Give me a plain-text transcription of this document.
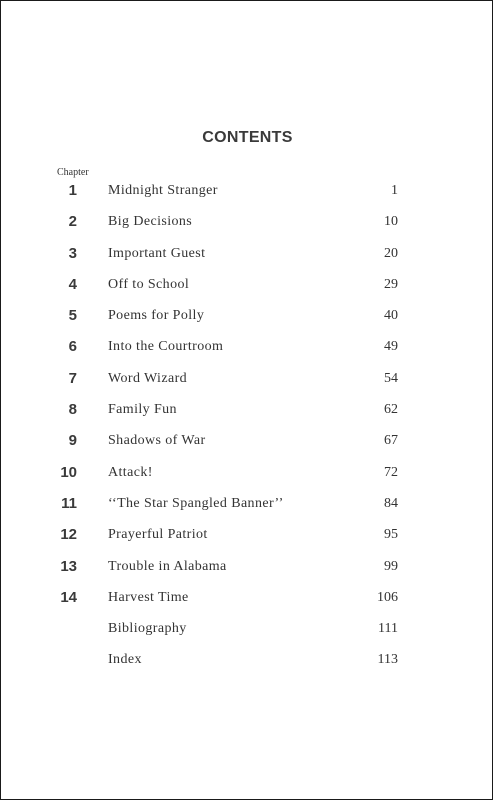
CONTENTS
Chapter
1 Midnight Stranger	1
2 Big Decisions	10
3 Important Guest	20
4 Off to School	29
5 Poems for Polly	40
6 Into the Courtroom	49
7 Word Wizard	54
8 Family Fun	62
9 Shadows of War	67
10 Attack!	72
11 ‘‘The Star Spangled Banner’’	84
12 Prayerful Patriot	95
13 Trouble in Alabama	99
14 Harvest Time	106
Bibliography	111
Index	113
